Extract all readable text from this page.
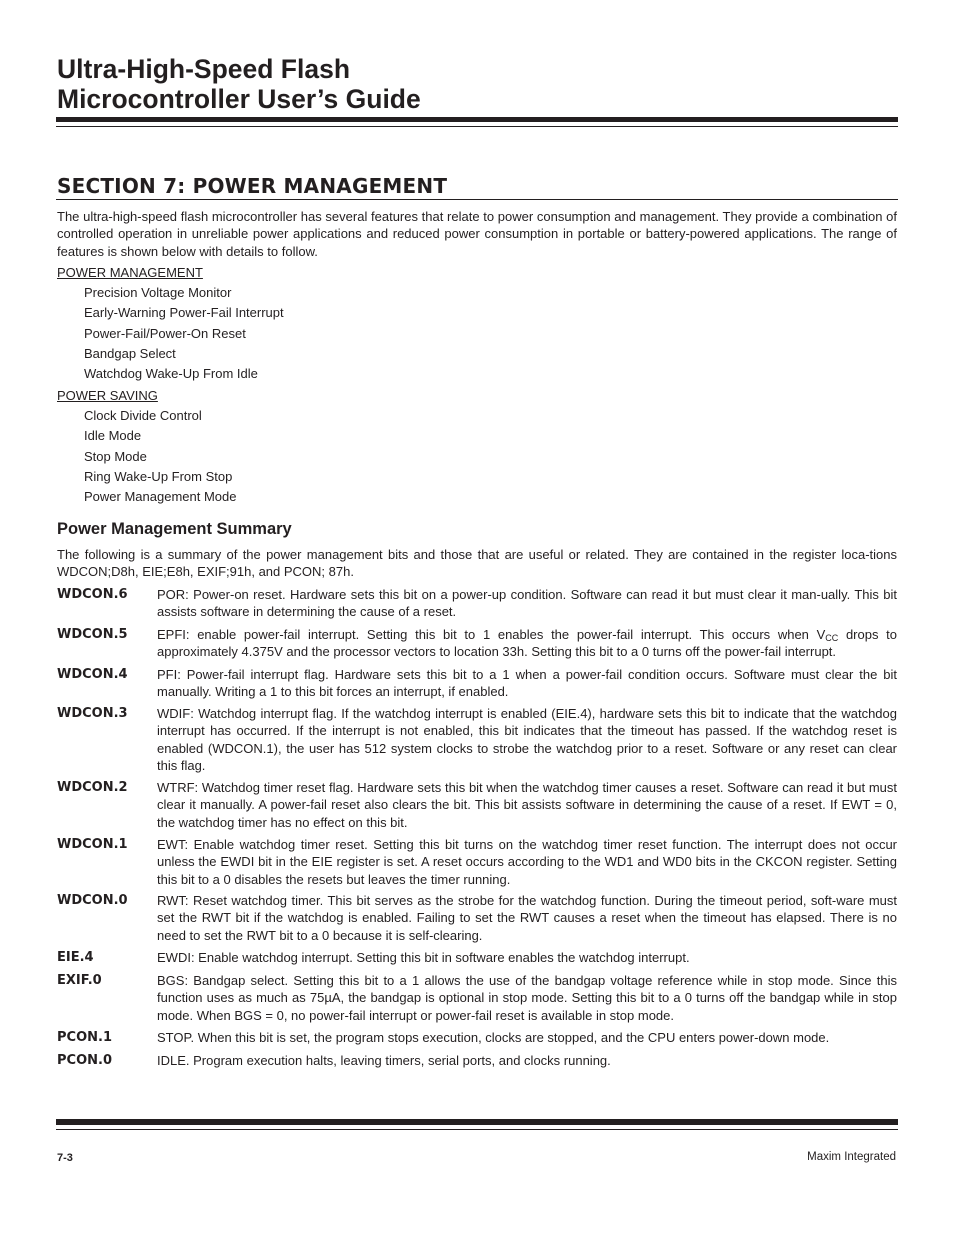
Ultra-High-Speed Flash
Microcontroller User’s Guide
SECTION 7: POWER MANAGEMENT

The ultra-high-speed flash microcontroller has several features that relate to power consumption and management. They provide a combination of controlled operation in unreliable power applications and reduced power consumption in portable or battery-powered applications. The range of features is shown below with details to follow.

POWER MANAGEMENT
Precision Voltage Monitor
Early-Warning Power-Fail Interrupt
Power-Fail/Power-On Reset
Bandgap Select
Watchdog Wake-Up From Idle
POWER SAVING
Clock Divide Control
Idle Mode
Stop Mode
Ring Wake-Up From Stop
Power Management Mode
Power Management Summary

The following is a summary of the power management bits and those that are useful or related. They are contained in the register loca-tions WDCON;D8h, EIE;E8h, EXIF;91h, and PCON; 87h.

WDCON.6	POR: Power-on reset. Hardware sets this bit on a power-up condition. Software can read it but must clear it man-ually. This bit assists software in determining the cause of a reset.

WDCON.5	EPFI: enable power-fail interrupt. Setting this bit to 1 enables the power-fail interrupt. This occurs when $V_{CC}$ drops to approximately 4.375V and the processor vectors to location 33h. Setting this bit to a 0 turns off the power-fail interrupt.

WDCON.4	PFI: Power-fail interrupt flag. Hardware sets this bit to a 1 when a power-fail condition occurs. Software must clear the bit manually. Writing a 1 to this bit forces an interrupt, if enabled.

WDCON.3	WDIF: Watchdog interrupt flag. If the watchdog interrupt is enabled (EIE.4), hardware sets this bit to indicate that the watchdog interrupt has occurred. If the interrupt is not enabled, this bit indicates that the timeout has passed. If the watchdog reset is enabled (WDCON.1), the user has 512 system clocks to strobe the watchdog prior to a reset. Software or any reset can clear this flag.

WDCON.2	WTRF: Watchdog timer reset flag. Hardware sets this bit when the watchdog timer causes a reset. Software can read it but must clear it manually. A power-fail reset also clears the bit. This bit assists software in determining the cause of a reset. If EWT = 0, the watchdog timer has no effect on this bit.

WDCON.1	EWT: Enable watchdog timer reset. Setting this bit turns on the watchdog timer reset function. The interrupt does not occur unless the EWDI bit in the EIE register is set. A reset occurs according to the WD1 and WD0 bits in the CKCON register. Setting this bit to a 0 disables the resets but leaves the timer running.

WDCON.0	RWT: Reset watchdog timer. This bit serves as the strobe for the watchdog function. During the timeout period, soft-ware must set the RWT bit if the watchdog is enabled. Failing to set the RWT causes a reset when the timeout has elapsed. There is no need to set the RWT bit to a 0 because it is self-clearing.

EIE.4	EWDI: Enable watchdog interrupt. Setting this bit in software enables the watchdog interrupt.

EXIF.0	BGS: Bandgap select. Setting this bit to a 1 allows the use of the bandgap voltage reference while in stop mode. Since this function uses as much as 75µA, the bandgap is optional in stop mode. Setting this bit to a 0 turns off the bandgap while in stop mode. When BGS = 0, no power-fail interrupt or power-fail reset is available in stop mode.

PCON.1	STOP. When this bit is set, the program stops execution, clocks are stopped, and the CPU enters power-down mode.

PCON.0	IDLE. Program execution halts, leaving timers, serial ports, and clocks running.

7-3	Maxim Integrated
